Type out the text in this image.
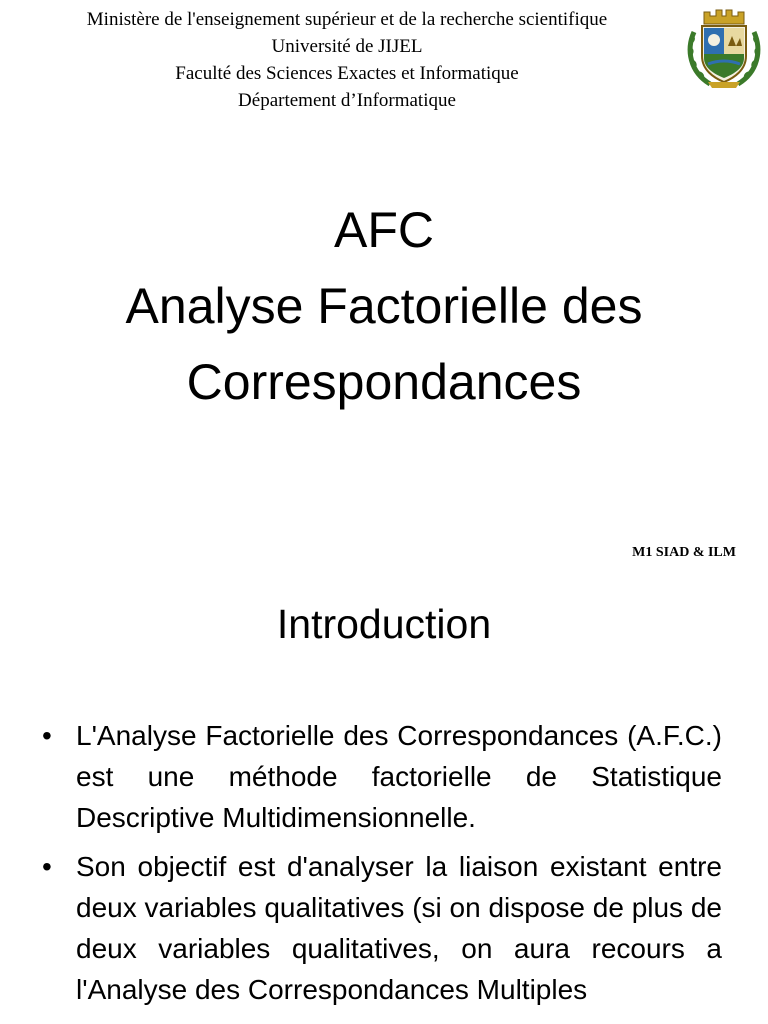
Ministère de l'enseignement supérieur et de la recherche scientifique
Université de JIJEL
Faculté des Sciences Exactes et Informatique
Département d’Informatique
AFC
Analyse Factorielle des
Correspondances
M1 SIAD & ILM
Introduction
• L'Analyse Factorielle des Correspondances (A.F.C.) est une méthode factorielle de Statistique Descriptive Multidimensionnelle.
• Son objectif est d'analyser la liaison existant entre deux variables qualitatives (si on dispose de plus de deux variables qualitatives, on aura recours a l'Analyse des Correspondances Multiples
